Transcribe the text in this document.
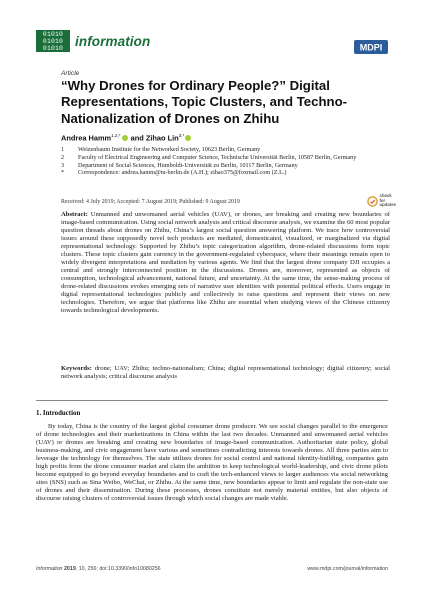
01010
01010
01010 information	MDPI
Article
“Why Drones for Ordinary People?” Digital Representations, Topic Clusters, and Techno-Nationalization of Drones on Zhihu
Andrea Hamm$^{1,2,*}$ and Zihao Lin$^{3,*}$
1	Weizenbaum Institute for the Networked Society, 10623 Berlin, Germany
2	Faculty of Electrical Engineering and Computer Science, Technische Universität Berlin, 10587 Berlin, Germany
3	Department of Social Sciences, Humboldt-Universität zu Berlin, 10117 Berlin, Germany
*	Correspondence: andrea.hamm@tu-berlin.de (A.H.); zihao375@foxmail.com (Z.L.)
check for
updates
Received: 4 July 2019; Accepted: 7 August 2019; Published: 9 August 2019
Abstract: Unmanned and unwomaned aerial vehicles (UAV), or drones, are breaking and creating new boundaries of image-based communication. Using social network analysis and critical discourse analysis, we examine the 60 most popular question threads about drones on Zhihu, China’s largest social question answering platform. We trace how controversial issues around these supposedly novel tech products are mediated, domesticated, visualized, or marginalized via digital representational technology. Supported by Zhihu’s topic categorization algorithm, drone-related discussions form topic clusters. These topic clusters gain currency in the government-regulated cyberspace, where their meanings remain open to widely divergent interpretations and mediation by various agents. We find that the largest drone company DJI occupies a central and strongly interconnected position in the discussions. Drones are, moreover, represented as objects of consumption, technological advancement, national future, and uncertainty. At the same time, the sense-making process of drone-related discussions evokes emerging sets of narrative user identities with potential political effects. Users engage in digital representational technologies publicly and collectively to raise questions and represent their views on new technologies. Therefore, we argue that platforms like Zhihu are essential when studying views of the Chinese citizenry towards technological developments.
Keywords: drone; UAV; Zhihu; techno-nationalism; China; digital representational technology; digital citizenry; social network analysis; critical discourse analysis
1. Introduction
By today, China is the country of the largest global consumer drone producer. We see social changes parallel to the emergence of drone technologies and their marketizations in China within the last two decades. Unmanned and unwomaned aerial vehicles (UAV) or drones are breaking and creating new boundaries of image-based communication. Authoritarian state policy, global business-making, and civic engagement have various and sometimes contradicting interests towards drones. All three parties aim to leverage the technology for themselves. The state utilizes drones for social control and national identity-building, companies gain high profits from the drone consumer market and claim the ambition to keep technological world-leadership, and civic drone pilots become equipped to go beyond everyday boundaries and to craft the tech-enhanced views to larger audiences via social networking sites (SNS) such as Sina Weibo, WeChat, or Zhihu. At the same time, new boundaries appear to limit and regulate the non-state use of drones and their dissemination. During these processes, drones constitute not merely material entities, but also objects of discourse raising clusters of controversial issues through which social changes are made viable.
Information 2019, 10, 256; doi:10.3390/info10080256	www.mdpi.com/journal/information
